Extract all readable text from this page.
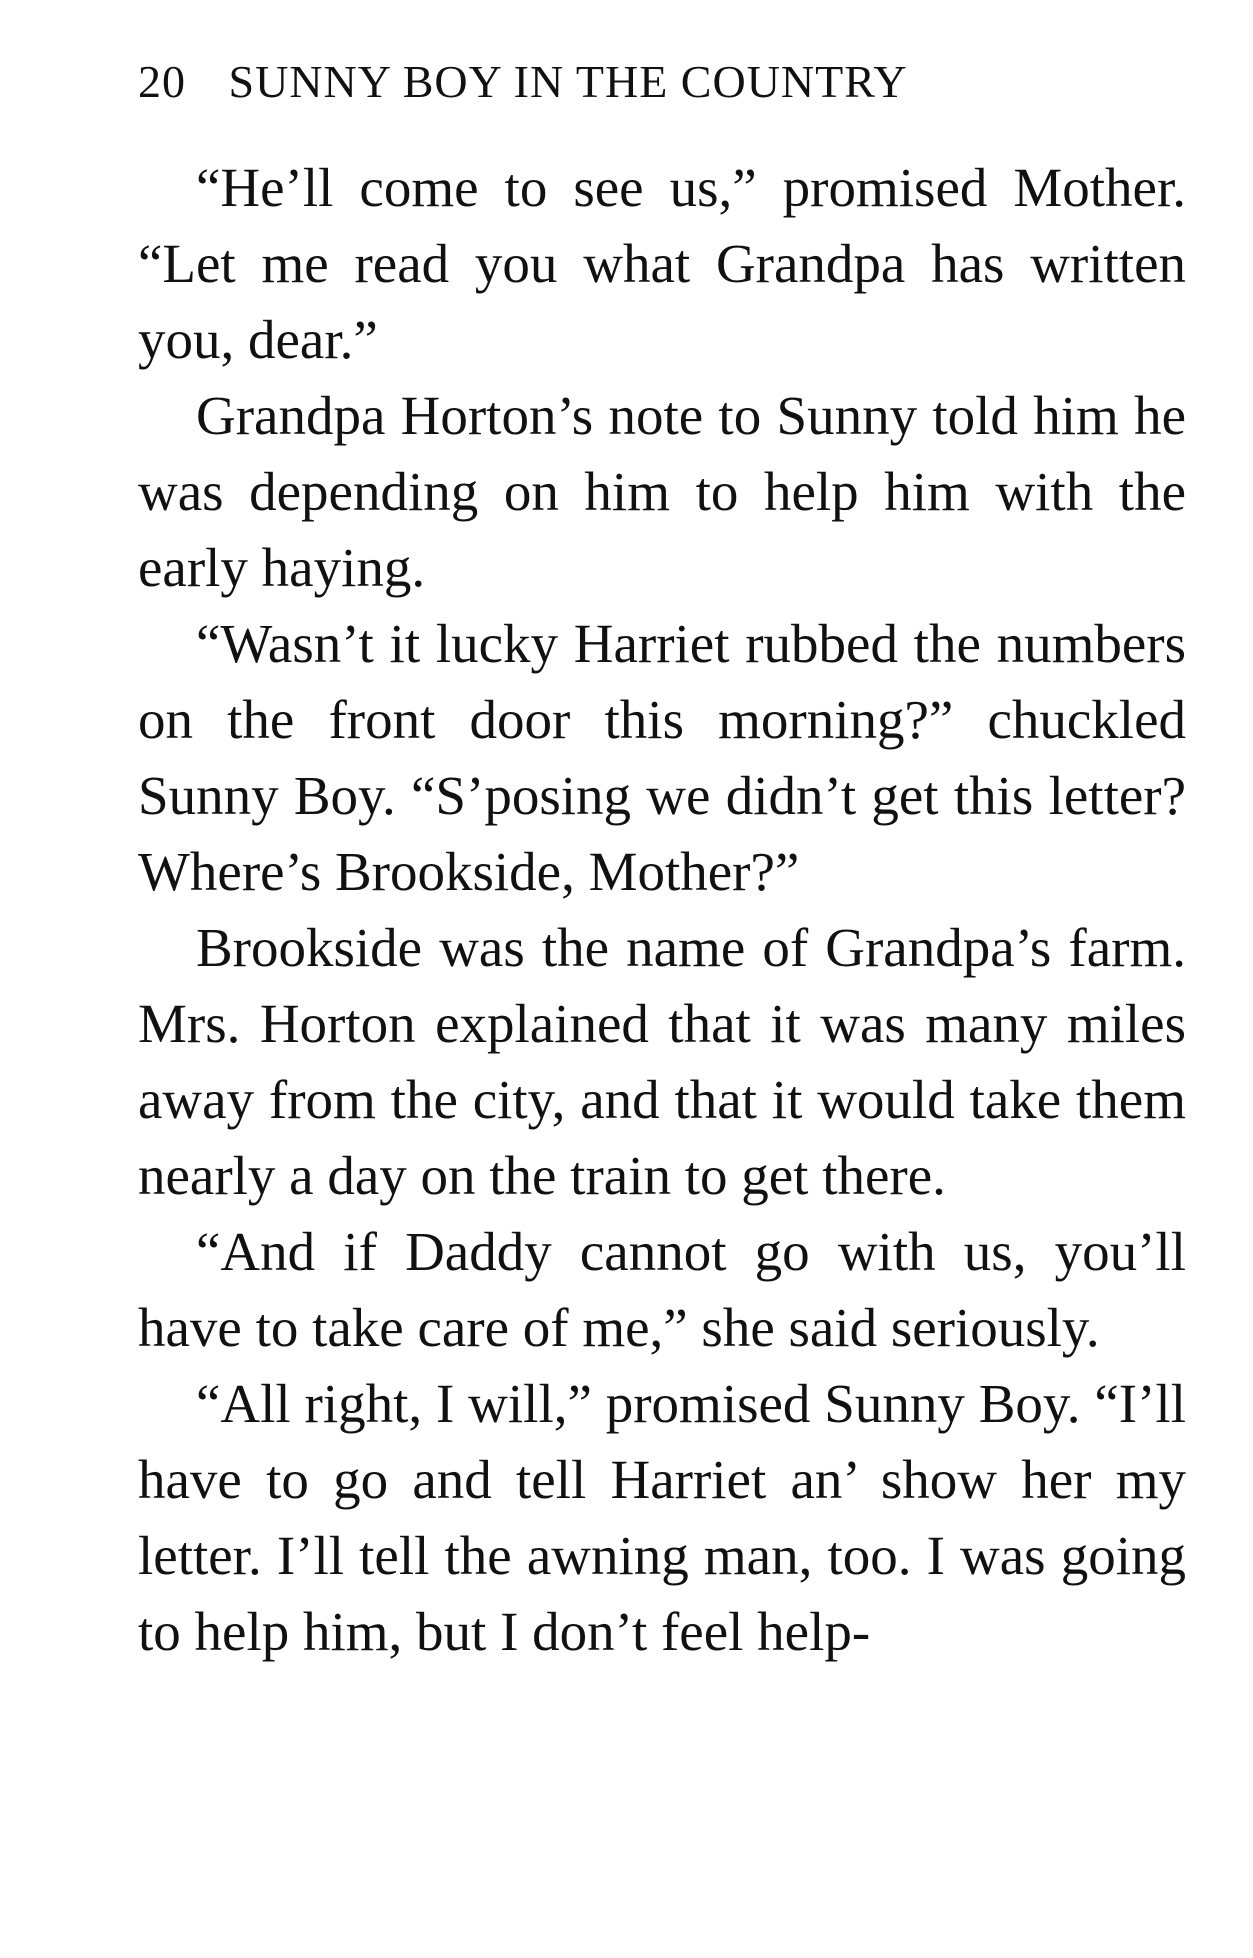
20 SUNNY BOY IN THE COUNTRY

“He’ll come to see us,” promised Mother. “Let me read you what Grandpa has written you, dear.”

Grandpa Horton’s note to Sunny told him he was depending on him to help him with the early haying.

“Wasn’t it lucky Harriet rubbed the numbers on the front door this morning?” chuckled Sunny Boy. “S’posing we didn’t get this letter? Where’s Brookside, Mother?”

Brookside was the name of Grandpa’s farm. Mrs. Horton explained that it was many miles away from the city, and that it would take them nearly a day on the train to get there.

“And if Daddy cannot go with us, you’ll have to take care of me,” she said seriously.

“All right, I will,” promised Sunny Boy. “I’ll have to go and tell Harriet an’ show her my letter. I’ll tell the awning man, too. I was going to help him, but I don’t feel help-
